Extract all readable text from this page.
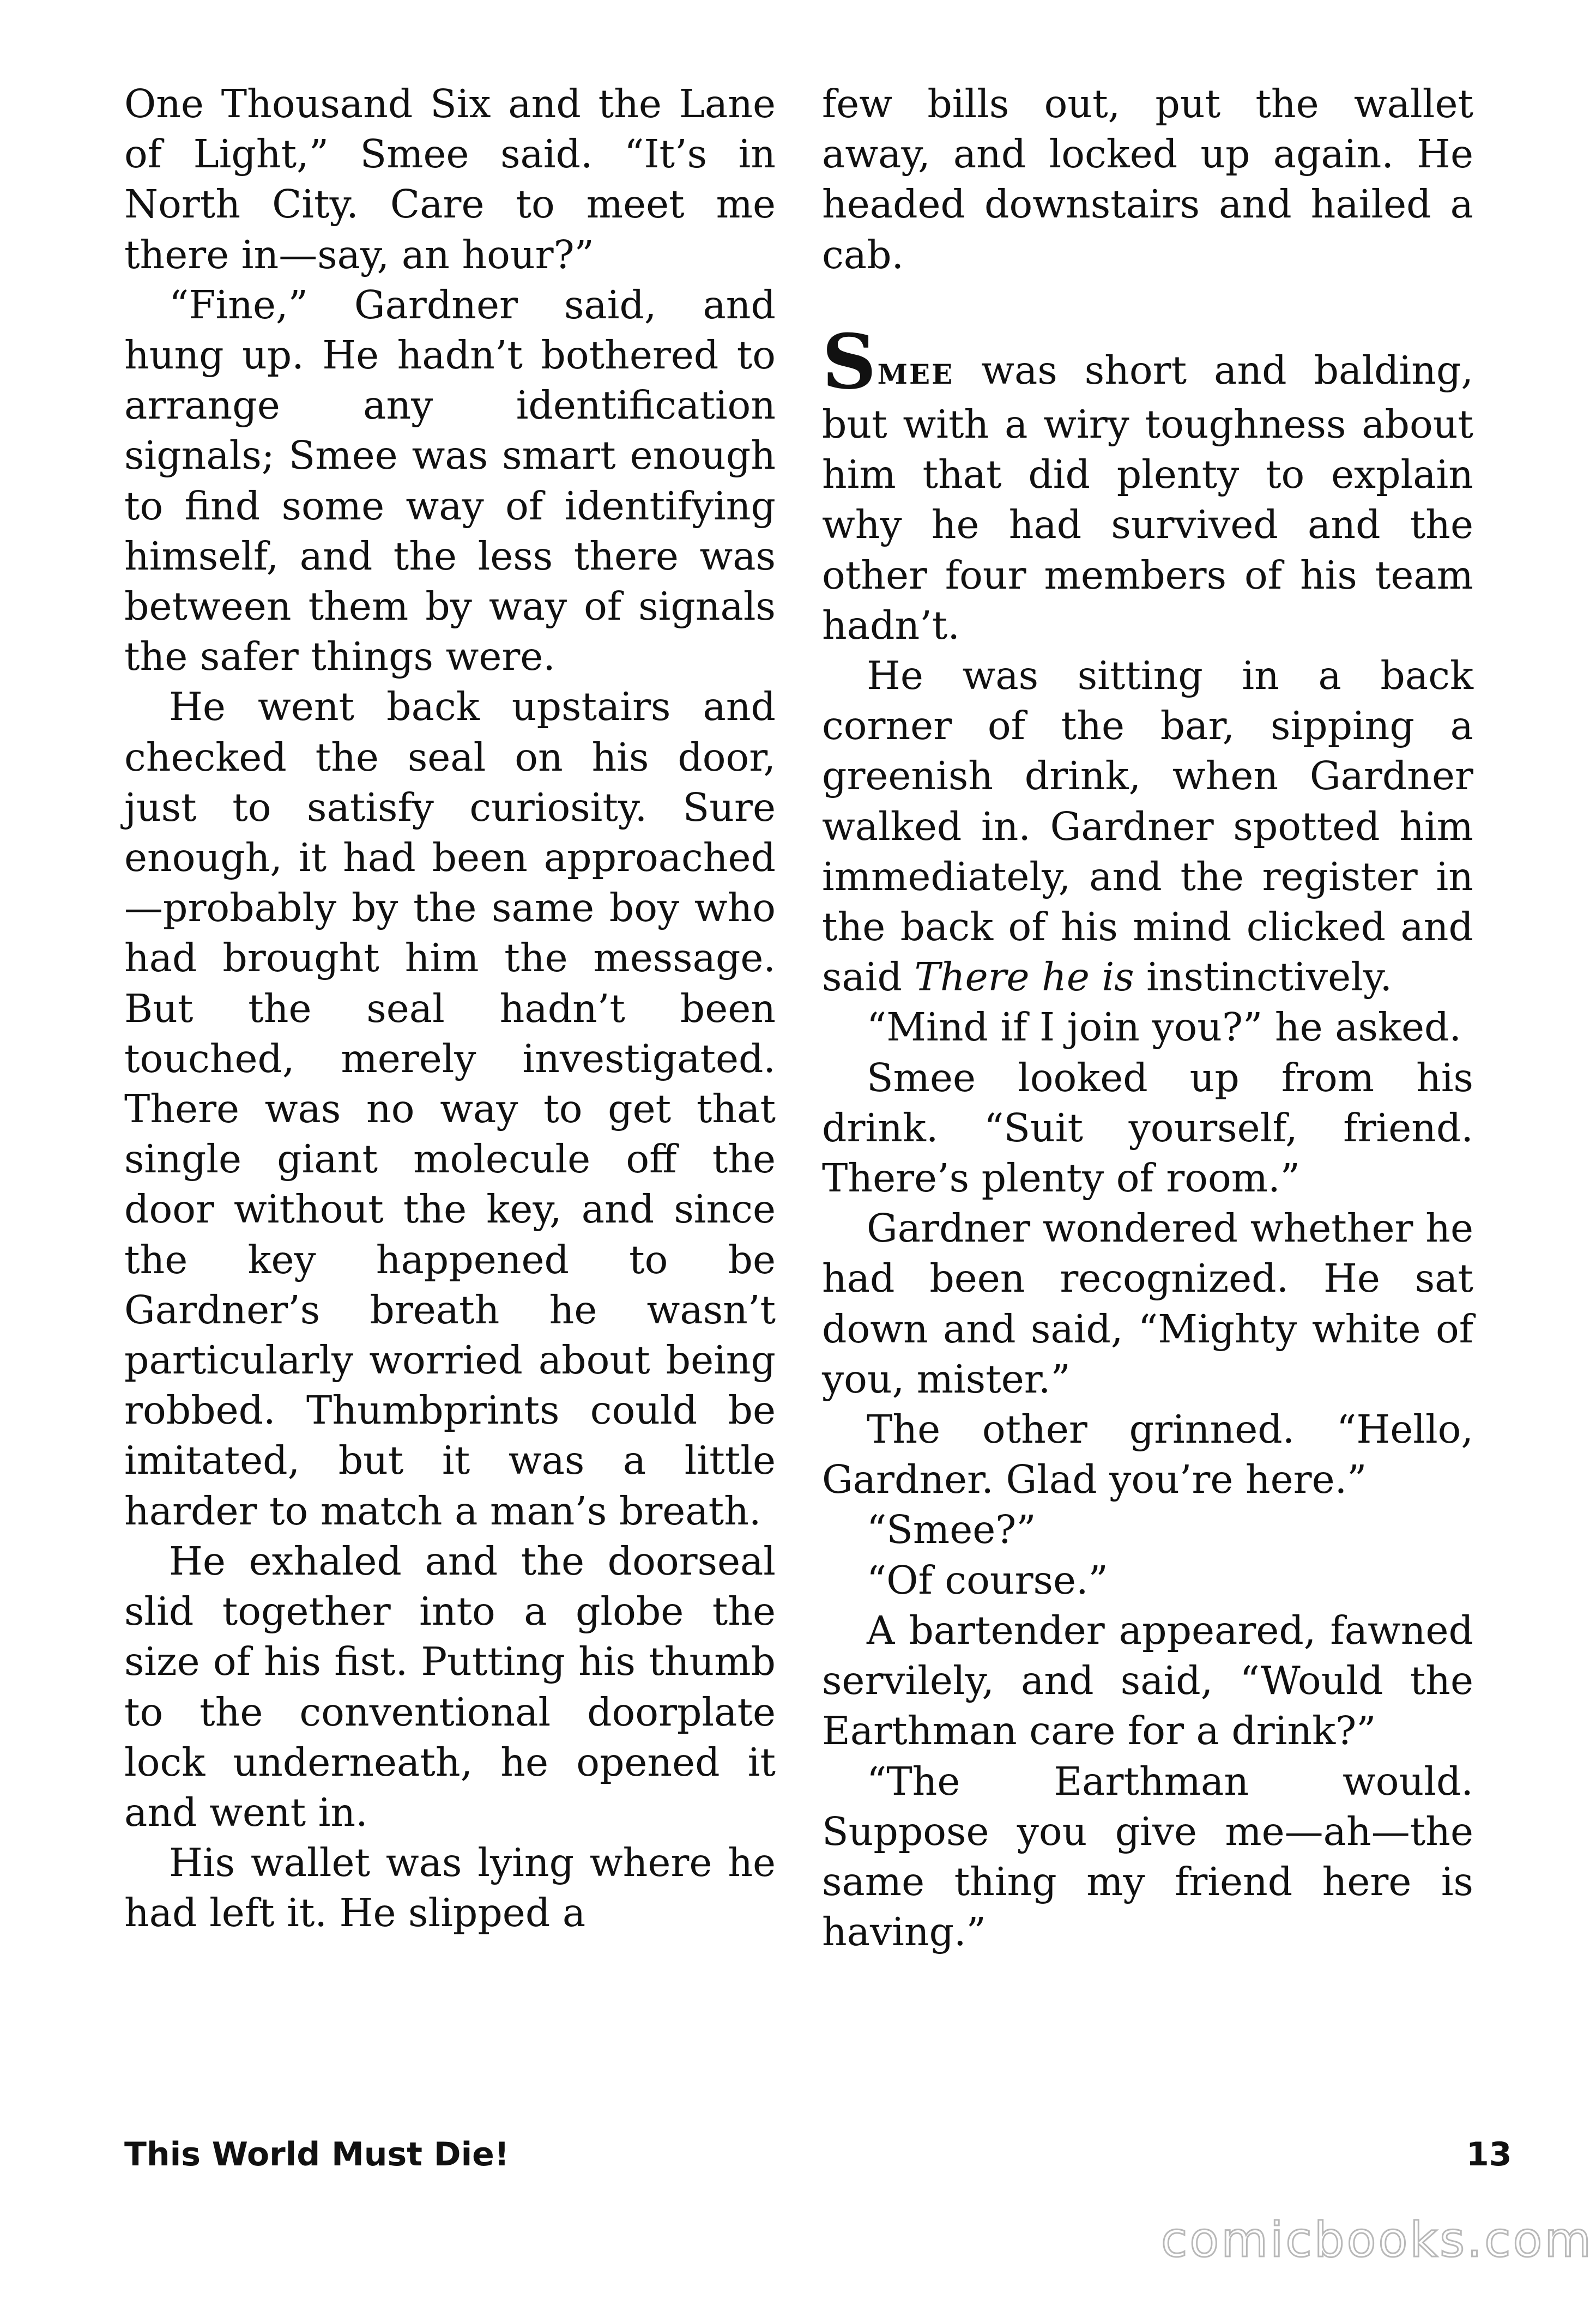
One Thousand Six and the Lane of Light,” Smee said. “It’s in North City. Care to meet me there in—say, an hour?”

“Fine,” Gardner said, and hung up. He hadn’t bothered to arrange any identification signals; Smee was smart enough to find some way of identifying himself, and the less there was between them by way of signals the safer things were.

He went back upstairs and checked the seal on his door, just to satisfy curiosity. Sure enough, it had been approached—probably by the same boy who had brought him the message. But the seal hadn’t been touched, merely investigated. There was no way to get that single giant molecule off the door without the key, and since the key happened to be Gardner’s breath he wasn’t particularly worried about being robbed. Thumbprints could be imitated, but it was a little harder to match a man’s breath.

He exhaled and the doorseal slid together into a globe the size of his fist. Putting his thumb to the conventional doorplate lock underneath, he opened it and went in.

His wallet was lying where he had left it. He slipped a

few bills out, put the wallet away, and locked up again. He headed downstairs and hailed a cab.

SMEE was short and balding, but with a wiry toughness about him that did plenty to explain why he had survived and the other four members of his team hadn’t.

He was sitting in a back corner of the bar, sipping a greenish drink, when Gardner walked in. Gardner spotted him immediately, and the register in the back of his mind clicked and said There he is instinctively.

“Mind if I join you?” he asked.

Smee looked up from his drink. “Suit yourself, friend. There’s plenty of room.”

Gardner wondered whether he had been recognized. He sat down and said, “Mighty white of you, mister.”

The other grinned. “Hello, Gardner. Glad you’re here.”

“Smee?”

“Of course.”

A bartender appeared, fawned servilely, and said, “Would the Earthman care for a drink?”

“The Earthman would. Suppose you give me—ah—the same thing my friend here is having.”

This World Must Die!	13
comicbooks.com
